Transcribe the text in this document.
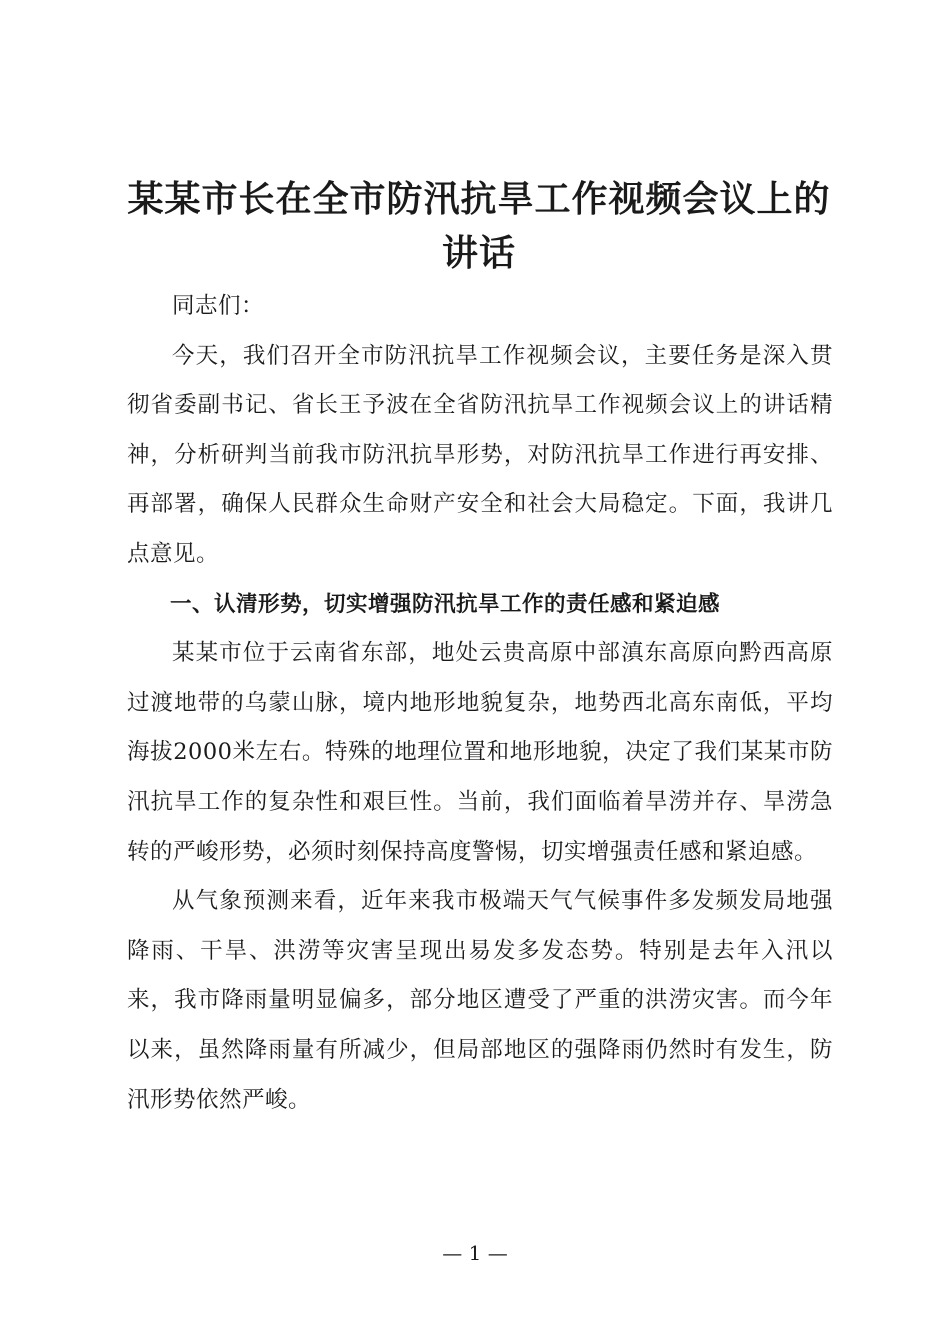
某某市长在全市防汛抗旱工作视频会议上的讲话

同志们：

今天，我们召开全市防汛抗旱工作视频会议，主要任务是深入贯彻省委副书记、省长王予波在全省防汛抗旱工作视频会议上的讲话精神，分析研判当前我市防汛抗旱形势，对防汛抗旱工作进行再安排、再部署，确保人民群众生命财产安全和社会大局稳定。下面，我讲几点意见。

一、认清形势，切实增强防汛抗旱工作的责任感和紧迫感

某某市位于云南省东部，地处云贵高原中部滇东高原向黔西高原过渡地带的乌蒙山脉，境内地形地貌复杂，地势西北高东南低，平均海拔2000米左右。特殊的地理位置和地形地貌，决定了我们某某市防汛抗旱工作的复杂性和艰巨性。当前，我们面临着旱涝并存、旱涝急转的严峻形势，必须时刻保持高度警惕，切实增强责任感和紧迫感。

从气象预测来看，近年来我市极端天气气候事件多发频发局地强降雨、干旱、洪涝等灾害呈现出易发多发态势。特别是去年入汛以来，我市降雨量明显偏多，部分地区遭受了严重的洪涝灾害。而今年以来，虽然降雨量有所减少，但局部地区的强降雨仍然时有发生，防汛形势依然严峻。

— 1 —
